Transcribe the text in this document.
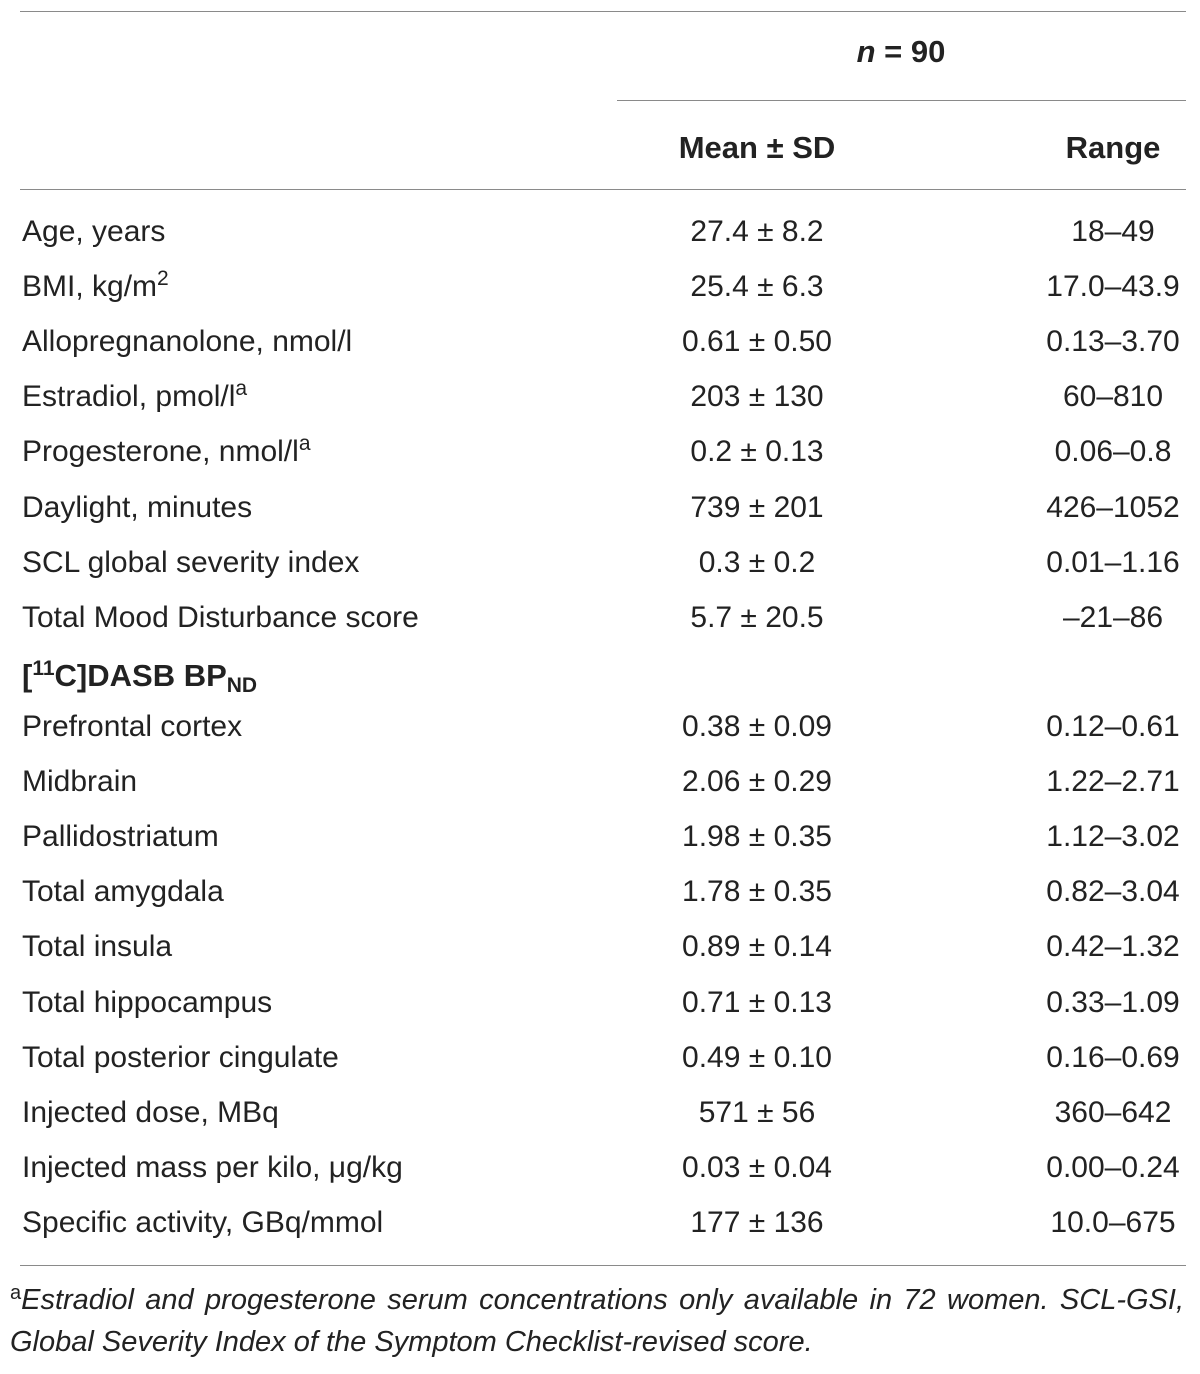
n = 90
Mean ± SD	Range
Age, years	27.4 ± 8.2	18–49
BMI, $kg/m^2$	25.4 ± 6.3	17.0–43.9
Allopregnanolone, nmol/l	0.61 ± 0.50	0.13–3.70
Estradiol, pmol/$l^a$	203 ± 130	60–810
Progesterone, nmol/$l^a$	0.2 ± 0.13	0.06–0.8
Daylight, minutes	739 ± 201	426–1052
SCL global severity index	0.3 ± 0.2	0.01–1.16
Total Mood Disturbance score	5.7 ± 20.5	–21–86
[$^{11}$C]DASB $BP_{ND}$
Prefrontal cortex	0.38 ± 0.09	0.12–0.61
Midbrain	2.06 ± 0.29	1.22–2.71
Pallidostriatum	1.98 ± 0.35	1.12–3.02
Total amygdala	1.78 ± 0.35	0.82–3.04
Total insula	0.89 ± 0.14	0.42–1.32
Total hippocampus	0.71 ± 0.13	0.33–1.09
Total posterior cingulate	0.49 ± 0.10	0.16–0.69
Injected dose, MBq	571 ± 56	360–642
Injected mass per kilo, μg/kg	0.03 ± 0.04	0.00–0.24
Specific activity, GBq/mmol	177 ± 136	10.0–675
$^a$Estradiol and progesterone serum concentrations only available in 72 women. SCL-GSI, Global Severity Index of the Symptom Checklist-revised score.
